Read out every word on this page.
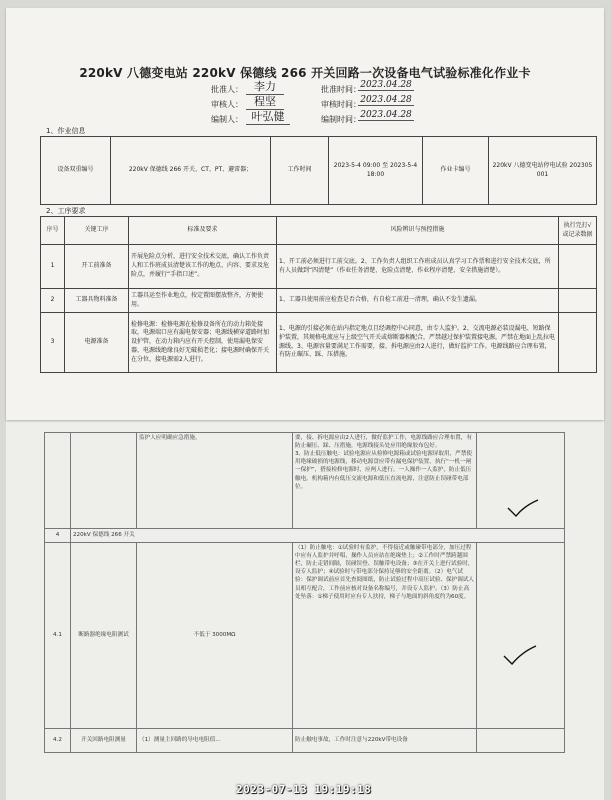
220kV 八德变电站 220kV 保德线 266 开关回路一次设备电气试验标准化作业卡
批准人：	李力	批准时间： 2023.04.28
审核人：	程坚	审核时间： 2023.04.28
编制人： 叶弘健	编制时间： 2023.04.28
1、作业信息
设备双重编号	220kV 保德线 266 开关、CT、PT、避雷器；	工作时间	2023-5-4 09:00 至 2023-5-4 18:00	作业卡编号	220kV 八德变电站停电试验 202305001
2、工序要求
序号	关键工序	标准及要求	风险辨识与预控措施	执行完打√或记录数据
1	开工前准备	开展危险点分析，进行安全技术交底，确认工作负责人和工作班成员清楚该工作的地点、内容、要求及危险点，并履行“手指口述”。	1、开工前必须进行工前交底。2、工作负责人组织工作班成员认真学习工作票和进行安全技术交底，所有人员做到“四清楚”（作业任务清楚、危险点清楚、作业程序清楚、安全措施清楚）。	
2	工器具物料准备	工器具运至作业地点，按定置图摆放整齐，方便使用。	1、工器具使用前应检查是否合格，有自检工前进一清理，确认不发生遗漏。	
3	电源准备	检修电源：检修电源在检修设备所在的动力箱处接取，电源端口应有漏电保安器；电源线横穿道路时加设护管，在动力箱内应有开关控制，使用漏电保安器，电源线绝缘良好无破损老化；接电源时确保开关在分位，接电源需2人进行。	1、电源的引接必须在站内指定地点且经调控中心同意，由专人监护。2、交流电源必装设漏电、短路保护装置，其规格电流应与上级空气开关或熔断器相配合，严禁越过保护装置接电源，严禁在地面上乱拉电源线。3、电源容量要满足工作需要，接、拆电源应由2人进行，做好监护工作。电源线路应合理布置，有防止碾压、踩、压措施。	
		监护人应明确应急措施。	要，接、拆电源应由2人进行，做好监护工作，电源线路应合理布置，有防止碾压、踩、压措施，电源线接头处应用绝缘胶布包好。
3、防止低压触电：试验电源应从检修电源箱或试验电源屏取用，严禁使用绝缘破损的电源线，移动电源盘应带有漏电保护装置，执行“一机一闸一保护”，搭接检修电源时，应两人进行，一人操作一人监护，防止低压触电。机构箱内有低压交流电源和低压直流电源，注意防止误碰带电部位。	

4	220kV 保德线 266 开关			
4.1	断路器绝缘电阻测试	不低于 3000MΩ	（1）防止触电：①试验时有监护，不得接近或触碰带电部分，加压过程中应有人监护并呼唱，操作人员应站在绝缘垫上；②工作时严禁跨越围栏，防止走错间隔，误碰误登、误触带电设备；③在开关上进行试验时，设专人监护；④试验时与带电部分保持足够的安全距离。（2）电气试验：保护调试前应首先查阅图纸，防止试验过程中高压试验、保护调试人员相互配合，工作前应核对设备名称编号，并设专人监护。（3）防止高处坠落：①梯子使用时应有专人扶持，梯子与地面的斜角度约为60度。	
4.2	开关回路电阻测量	（1）测量主回路的导电电阻值...	防止触电事故，工作时注意与220kV带电设备	
2023-07-13 19:19:18
